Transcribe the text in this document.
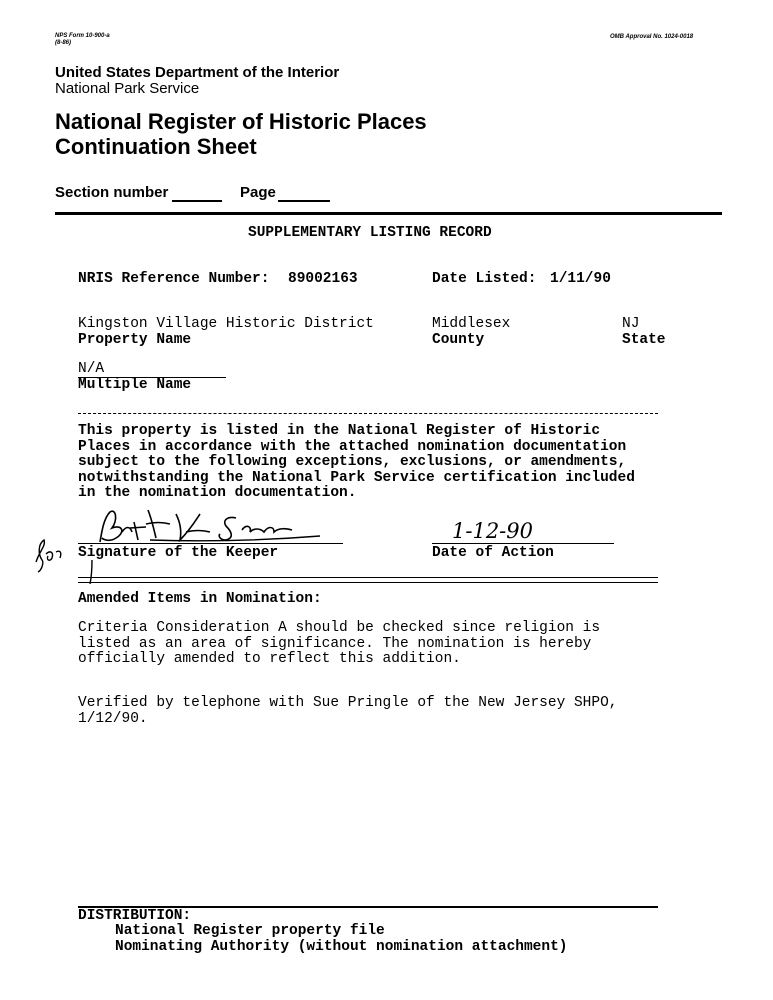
NPS Form 10-900-a
(8-86)
OMB Approval No. 1024-0018
United States Department of the Interior
National Park Service
National Register of Historic Places
Continuation Sheet
Section number	Page
SUPPLEMENTARY LISTING RECORD
NRIS Reference Number: 89002163	Date Listed: 1/11/90
Kingston Village Historic District
Property Name
Middlesex
County
NJ
State
N/A
Multiple Name
This property is listed in the National Register of Historic
Places in accordance with the attached nomination documentation
subject to the following exceptions, exclusions, or amendments,
notwithstanding the National Park Service certification included
in the nomination documentation.
Signature of the Keeper
1-12-90
Date of Action
Amended Items in Nomination:
Criteria Consideration A should be checked since religion is
listed as an area of significance. The nomination is hereby
officially amended to reflect this addition.
Verified by telephone with Sue Pringle of the New Jersey SHPO,
1/12/90.
DISTRIBUTION:
National Register property file
Nominating Authority (without nomination attachment)
